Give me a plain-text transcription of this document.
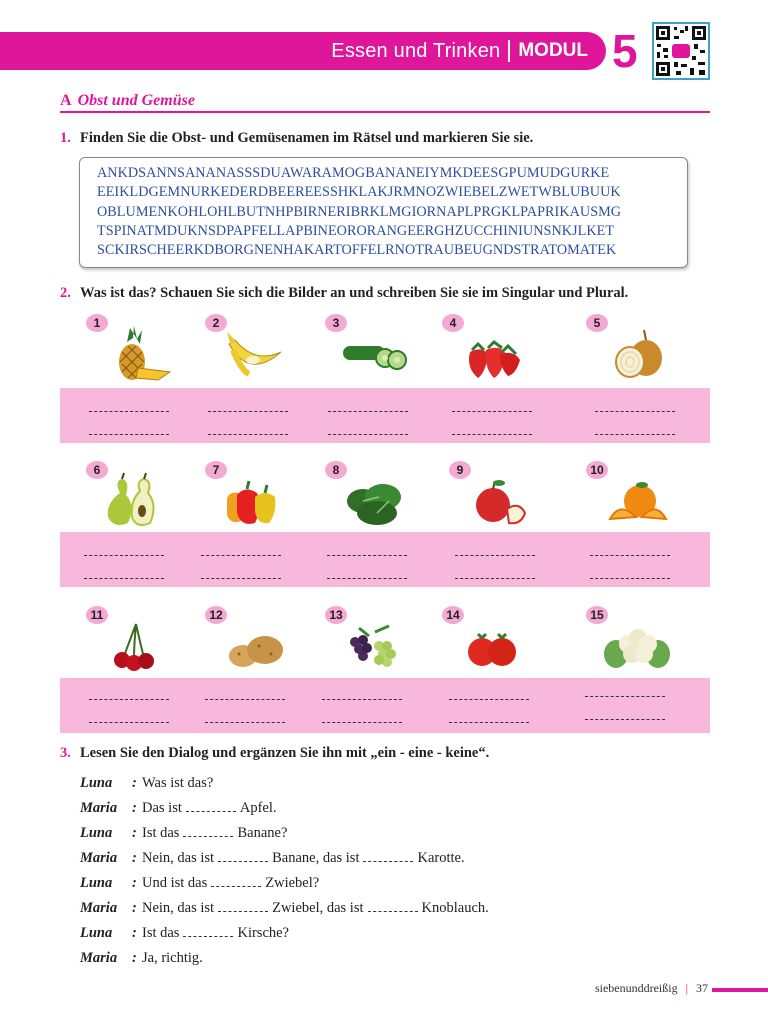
Essen und Trinken MODUL 5
A Obst und Gemüse
1. Finden Sie die Obst- und Gemüsenamen im Rätsel und markieren Sie sie.
ANKDSANNSANANASSSDUAWARAMOGBANANEIYMKDEESGPUMUDGURKE
EEIKLDGEMNURKEDERDBEEREESSHKLAKJRMNOZWIEBELZWETWBLUBUUK
OBLUMENKOHLOHLBUTNHPBIRNERIBRKLMGIORNAPLPRGKLPAPRIKAUSMG
TSPINATMDUKNSDPAPFELLAPBINEORORANGEERGHZUCCHINIUNSNKJLKET
SCKIRSCHEERKDBORGNENHAKARTOFFELRNOTRAUBEUGNDSTRATOMATEK
2. Was ist das? Schauen Sie sich die Bilder an und schreiben Sie sie im Singular und Plural.
1	2	3	4	5
6	7	8	9	10
11	12	13	14	15
3. Lesen Sie den Dialog und ergänzen Sie ihn mit „ein - eine - keine“.
Luna	: Was ist das?
Maria	: Das ist	Apfel.
Luna	: Ist das	Banane?
Maria	: Nein, das ist	Banane, das ist	Karotte.
Luna	: Und ist das	Zwiebel?
Maria	: Nein, das ist	Zwiebel, das ist	Knoblauch.
Luna	: Ist das	Kirsche?
Maria	: Ja, richtig.
siebenunddreißig | 37
